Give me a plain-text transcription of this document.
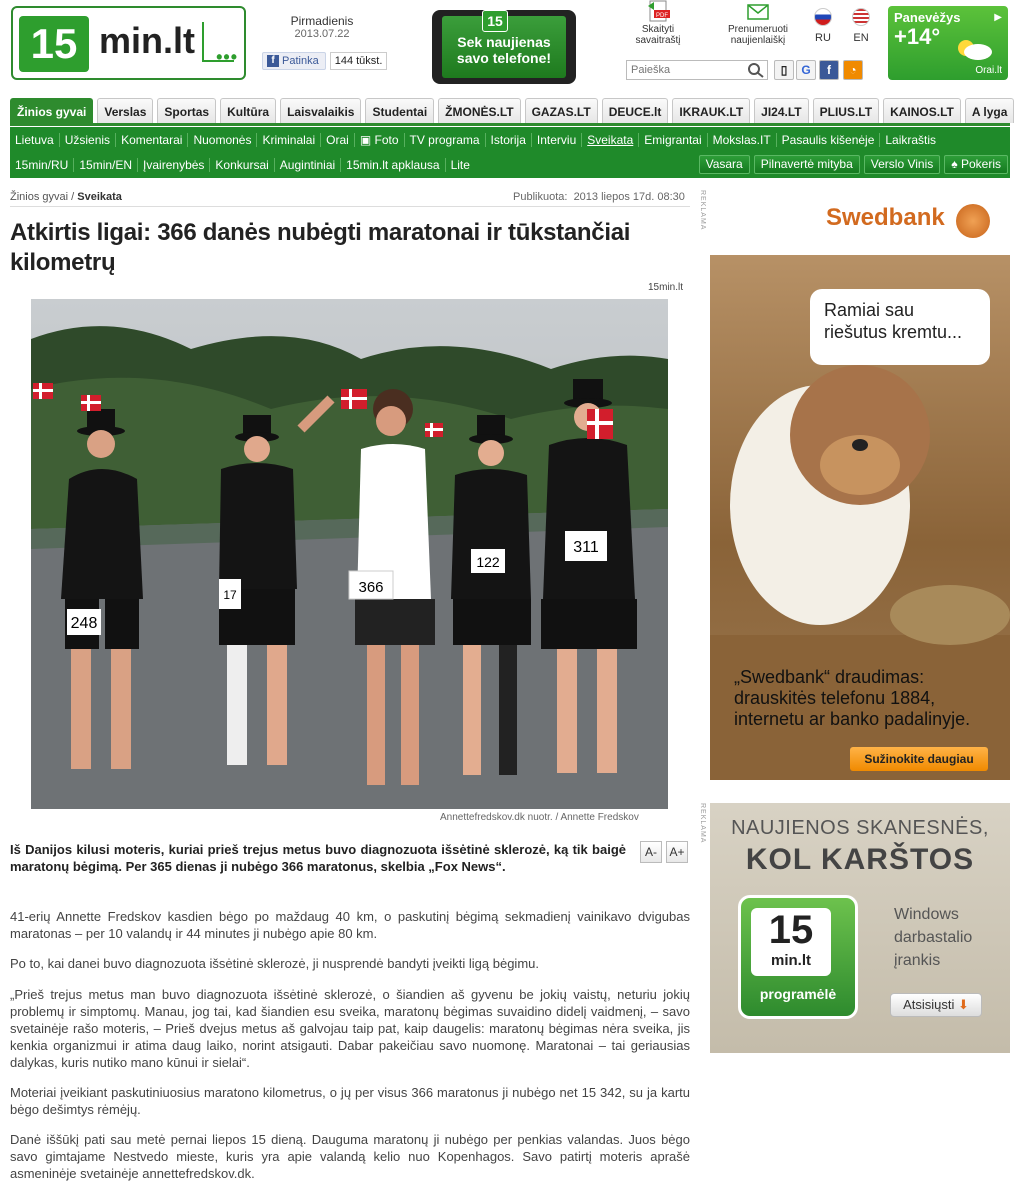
15 min.lt •••
Pirmadienis
2013.07.22
f Patinka	144 tūkst.
15
Sek naujienas savo telefone!
PDF
Skaityti savaitraštį
Prenumeruoti naujienlaiškį
Paieška
▯	G	f	◔
RU	EN
Panevėžys
+14°
▶
Orai.lt
Žinios gyvai	Verslas	Sportas	Kultūra	Laisvalaikis	Studentai	ŽMONĖS.LT	GAZAS.LT	DEUCE.lt	IKRAUK.LT	JI24.LT	PLIUS.LT	KAINOS.LT	A lyga
Lietuva Užsienis Komentarai Nuomonės Kriminalai Orai ▣ Foto TV programa Istorija Interviu Sveikata Emigrantai Mokslas.IT Pasaulis kišenėje Laikraštis
15min/RU 15min/EN Įvairenybės Konkursai Augintiniai 15min.lt apklausa Lite	Vasara	Pilnavertė mityba	Verslo Vinis	♠ Pokeris
Žinios gyvai / Sveikata	Publikuota: 2013 liepos 17d. 08:30
Atkirtis ligai: 366 danės nubėgti maratonai ir tūkstančiai kilometrų
15min.lt
248
17	366
122
311
Annettefredskov.dk nuotr. / Annette Fredskov
A-	A+

Iš Danijos kilusi moteris, kuriai prieš trejus metus buvo diagnozuota išsėtinė sklerozė, ką tik baigė maratonų bėgimą. Per 365 dienas ji nubėgo 366 maratonus, skelbia „Fox News“.

41-erių Annette Fredskov kasdien bėgo po maždaug 40 km, o paskutinį bėgimą sekmadienį vainikavo dvigubas maratonas – per 10 valandų ir 44 minutes ji nubėgo apie 80 km.

Po to, kai danei buvo diagnozuota išsėtinė sklerozė, ji nusprendė bandyti įveikti ligą bėgimu.

„Prieš trejus metus man buvo diagnozuota išsėtinė sklerozė, o šiandien aš gyvenu be jokių vaistų, neturiu jokių problemų ir simptomų. Manau, jog tai, kad šiandien esu sveika, maratonų bėgimas suvaidino didelį vaidmenį, – savo svetainėje rašo moteris, – Prieš dvejus metus aš galvojau taip pat, kaip daugelis: maratonų bėgimas nėra sveika, jis kenkia organizmui ir atima daug laiko, norint atsigauti. Dabar pakeičiau savo nuomonę. Maratonai – tai geriausias dalykas, kuris nutiko mano kūnui ir sielai“.

Moteriai įveikiant paskutiniuosius maratono kilometrus, o jų per visus 366 maratonus ji nubėgo net 15 342, su ja kartu bėgo dešimtys rėmėjų.

Danė iššūkį pati sau metė pernai liepos 15 dieną. Dauguma maratonų ji nubėgo per penkias valandas. Juos bėgo savo gimtajame Nestvedo mieste, kuris yra apie valandą kelio nuo Kopenhagos. Savo patirtį moteris aprašė asmeninėje svetainėje annettefredskov.dk.

REKLAMA	Swedbank
Ramiai sau riešutus kremtu...
„Swedbank“ draudimas: drauskitės telefonu 1884, internetu ar banko padalinyje.
Sužinokite daugiau
REKLAMA	NAUJIENOS SKANESNĖS,
KOL KARŠTOS
15
min.lt
programėlė
Windows darbastalio įrankis
Atsisiųsti ⬇
